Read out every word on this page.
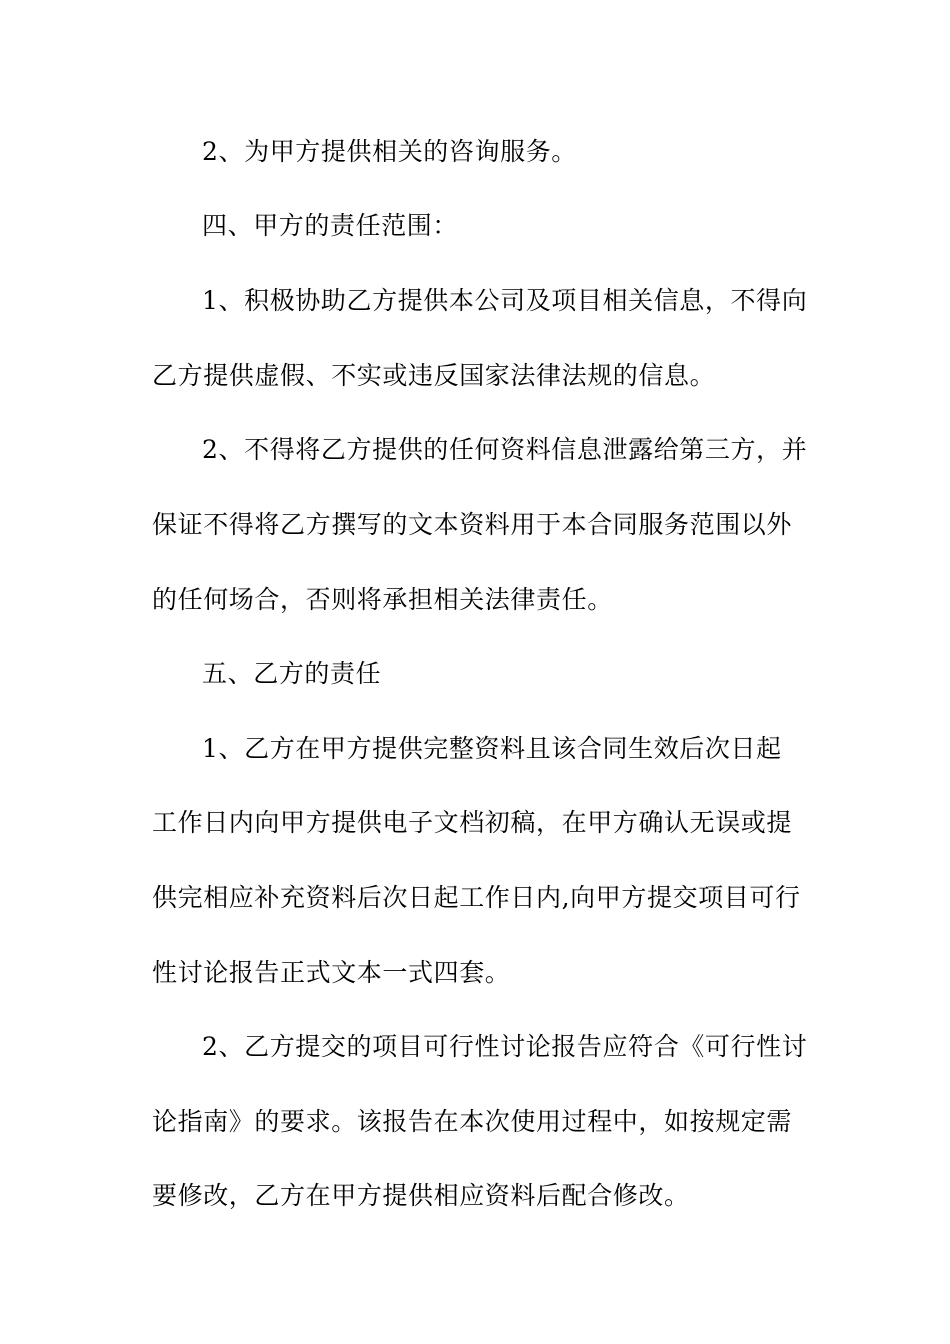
2、为甲方提供相关的咨询服务。
四、甲方的责任范围：
1、积极协助乙方提供本公司及项目相关信息，不得向
乙方提供虚假、不实或违反国家法律法规的信息。
2、不得将乙方提供的任何资料信息泄露给第三方，并
保证不得将乙方撰写的文本资料用于本合同服务范围以外
的任何场合，否则将承担相关法律责任。
五、乙方的责任
1、乙方在甲方提供完整资料且该合同生效后次日起
工作日内向甲方提供电子文档初稿，在甲方确认无误或提
供完相应补充资料后次日起工作日内,向甲方提交项目可行
性讨论报告正式文本一式四套。
2、乙方提交的项目可行性讨论报告应符合《可行性讨
论指南》的要求。该报告在本次使用过程中，如按规定需
要修改，乙方在甲方提供相应资料后配合修改。
